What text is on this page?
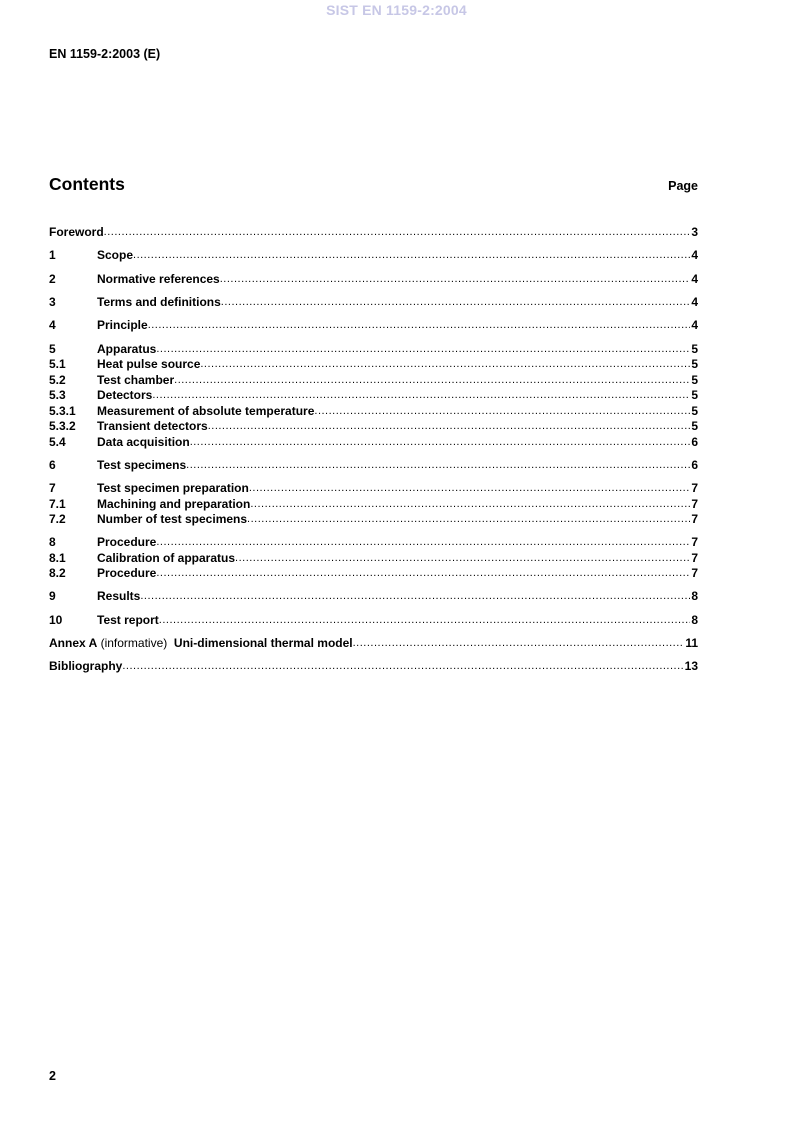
SIST EN 1159-2:2004
EN 1159-2:2003 (E)
Contents	Page
Foreword .....	3
1	Scope .....	4
2	Normative references .....	4
3	Terms and definitions .....	4
4	Principle .....	4
5	Apparatus .....	5
5.1	Heat pulse source .....	5
5.2	Test chamber .....	5
5.3	Detectors .....	5
5.3.1	Measurement of absolute temperature .....	5
5.3.2	Transient detectors .....	5
5.4	Data acquisition .....	6
6	Test specimens .....	6
7	Test specimen preparation .....	7
7.1	Machining and preparation .....	7
7.2	Number of test specimens .....	7
8	Procedure .....	7
8.1	Calibration of apparatus .....	7
8.2	Procedure .....	7
9	Results .....	8
10	Test report .....	8
Annex A (informative)  Uni-dimensional thermal model .....	11
Bibliography .....	13
2
